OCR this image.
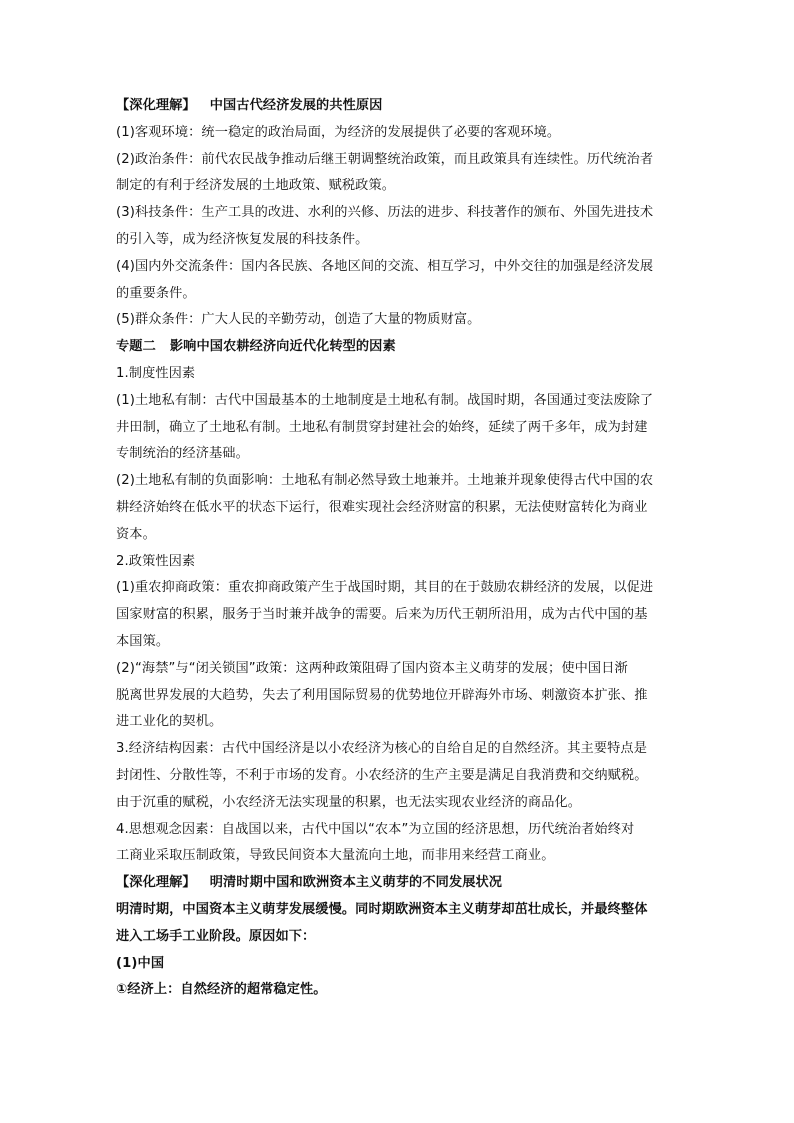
【深化理解】 中国古代经济发展的共性原因
(1)客观环境：统一稳定的政治局面，为经济的发展提供了必要的客观环境。
(2)政治条件：前代农民战争推动后继王朝调整统治政策，而且政策具有连续性。历代统治者
制定的有利于经济发展的土地政策、赋税政策。
(3)科技条件：生产工具的改进、水利的兴修、历法的进步、科技著作的颁布、外国先进技术
的引入等，成为经济恢复发展的科技条件。
(4)国内外交流条件：国内各民族、各地区间的交流、相互学习，中外交往的加强是经济发展
的重要条件。
(5)群众条件：广大人民的辛勤劳动，创造了大量的物质财富。
专题二 影响中国农耕经济向近代化转型的因素
1.制度性因素
(1)土地私有制：古代中国最基本的土地制度是土地私有制。战国时期，各国通过变法废除了
井田制，确立了土地私有制。土地私有制贯穿封建社会的始终，延续了两千多年，成为封建
专制统治的经济基础。
(2)土地私有制的负面影响：土地私有制必然导致土地兼并。土地兼并现象使得古代中国的农
耕经济始终在低水平的状态下运行，很难实现社会经济财富的积累，无法使财富转化为商业
资本。
2.政策性因素
(1)重农抑商政策：重农抑商政策产生于战国时期，其目的在于鼓励农耕经济的发展，以促进
国家财富的积累，服务于当时兼并战争的需要。后来为历代王朝所沿用，成为古代中国的基
本国策。
(2)“海禁”与“闭关锁国”政策：这两种政策阻碍了国内资本主义萌芽的发展；使中国日渐
脱离世界发展的大趋势，失去了利用国际贸易的优势地位开辟海外市场、刺激资本扩张、推
进工业化的契机。
3.经济结构因素：古代中国经济是以小农经济为核心的自给自足的自然经济。其主要特点是
封闭性、分散性等，不利于市场的发育。小农经济的生产主要是满足自我消费和交纳赋税。
由于沉重的赋税，小农经济无法实现量的积累，也无法实现农业经济的商品化。
4.思想观念因素：自战国以来，古代中国以“农本”为立国的经济思想，历代统治者始终对
工商业采取压制政策，导致民间资本大量流向土地，而非用来经营工商业。
【深化理解】 明清时期中国和欧洲资本主义萌芽的不同发展状况
明清时期，中国资本主义萌芽发展缓慢。同时期欧洲资本主义萌芽却茁壮成长，并最终整体
进入工场手工业阶段。原因如下：
(1)中国
①经济上：自然经济的超常稳定性。
